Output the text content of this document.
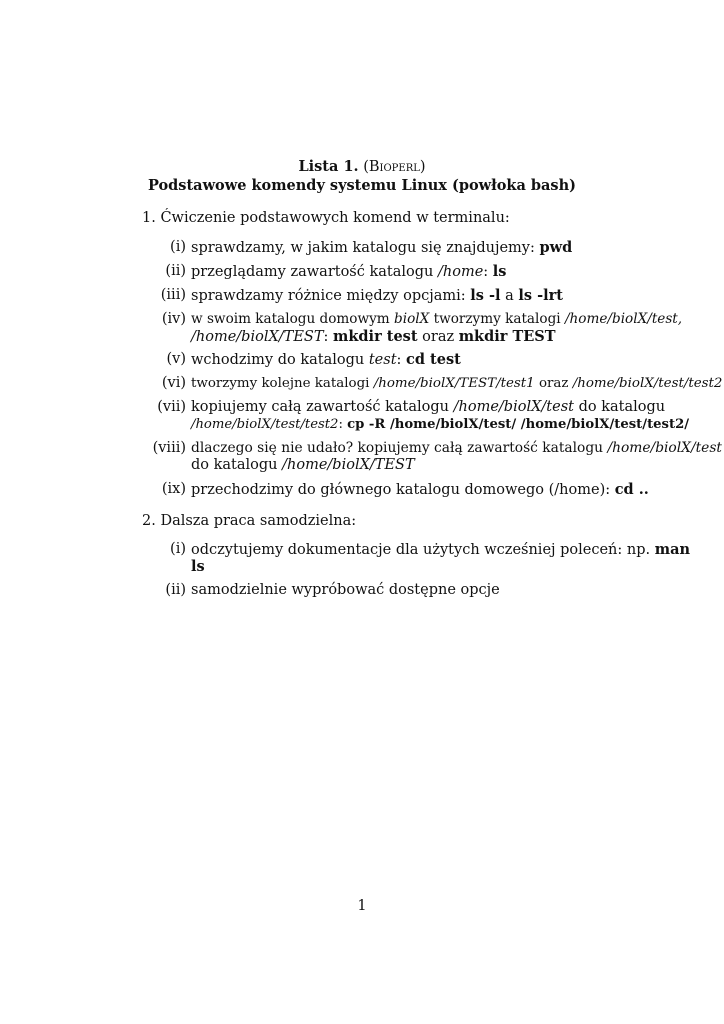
Lista 1. (Bioperl)
Podstawowe komendy systemu Linux (powłoka bash)
1. Ćwiczenie podstawowych komend w terminalu:
(i) sprawdzamy, w jakim katalogu się znajdujemy: pwd
(ii) przeglądamy zawartość katalogu /home: ls
(iii) sprawdzamy różnice między opcjami: ls -l a ls -lrt
(iv) w swoim katalogu domowym biolX tworzymy katalogi /home/biolX/test,
/home/biolX/TEST: mkdir test oraz mkdir TEST
(v) wchodzimy do katalogu test: cd test
(vi) tworzymy kolejne katalogi /home/biolX/TEST/test1 oraz /home/biolX/test/test2
(vii) kopiujemy całą zawartość katalogu /home/biolX/test do katalogu
/home/biolX/test/test2: cp -R /home/biolX/test/ /home/biolX/test/test2/
(viii) dlaczego się nie udało? kopiujemy całą zawartość katalogu /home/biolX/test
do katalogu /home/biolX/TEST
(ix) przechodzimy do głównego katalogu domowego (/home): cd ..
2. Dalsza praca samodzielna:
(i) odczytujemy dokumentacje dla użytych wcześniej poleceń: np. man
ls
(ii) samodzielnie wypróbować dostępne opcje
1
